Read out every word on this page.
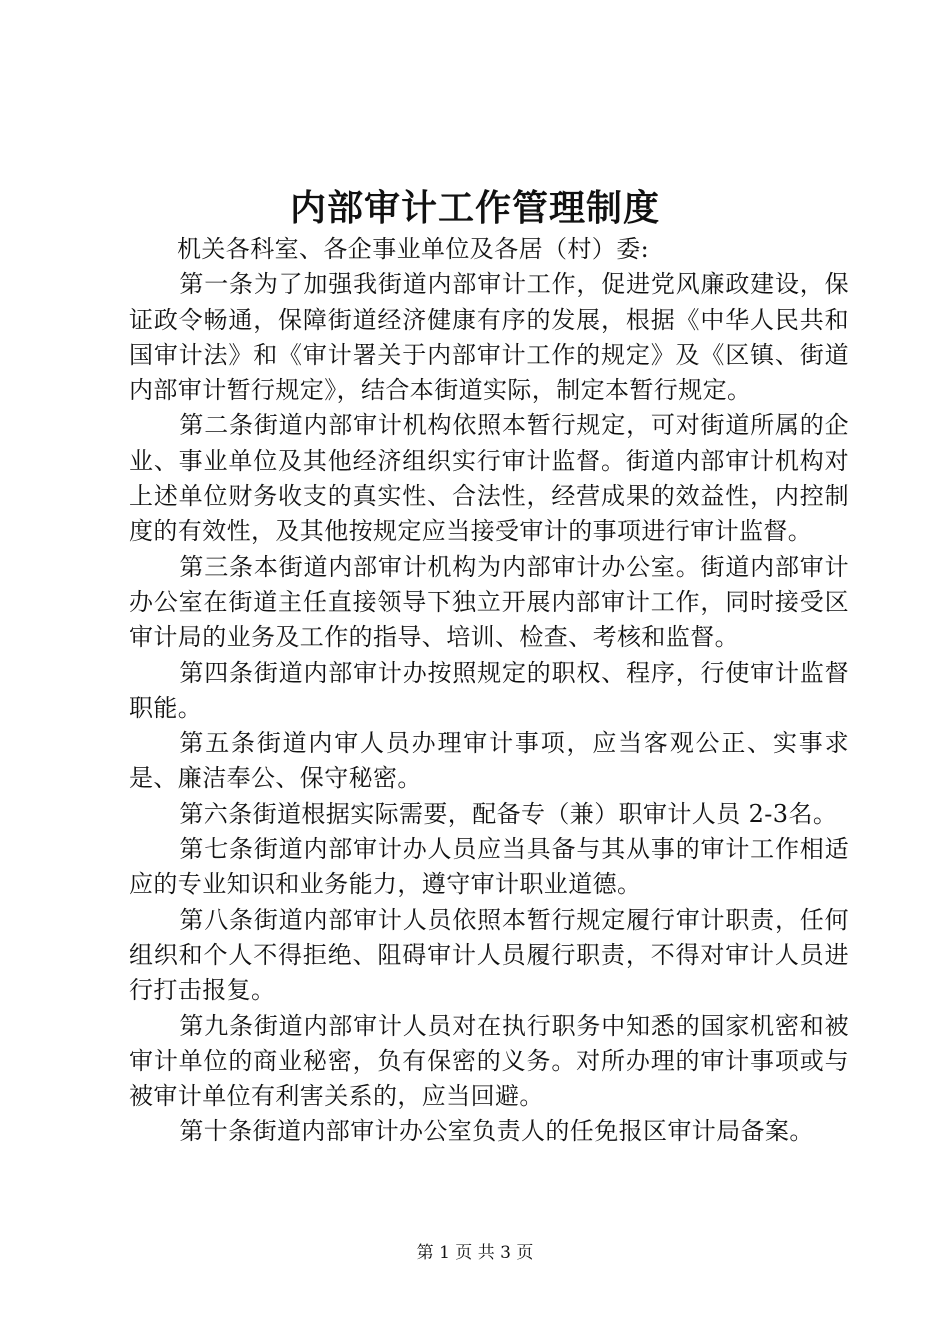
内部审计工作管理制度

机关各科室、各企事业单位及各居（村）委:

第一条为了加强我街道内部审计工作，促进党风廉政建设，保证政令畅通，保障街道经济健康有序的发展，根据《中华人民共和国审计法》和《审计署关于内部审计工作的规定》及《区镇、街道内部审计暂行规定》，结合本街道实际，制定本暂行规定。

第二条街道内部审计机构依照本暂行规定，可对街道所属的企业、事业单位及其他经济组织实行审计监督。街道内部审计机构对上述单位财务收支的真实性、合法性，经营成果的效益性，内控制度的有效性，及其他按规定应当接受审计的事项进行审计监督。

第三条本街道内部审计机构为内部审计办公室。街道内部审计办公室在街道主任直接领导下独立开展内部审计工作，同时接受区审计局的业务及工作的指导、培训、检查、考核和监督。

第四条街道内部审计办按照规定的职权、程序，行使审计监督职能。

第五条街道内审人员办理审计事项，应当客观公正、实事求是、廉洁奉公、保守秘密。

第六条街道根据实际需要，配备专（兼）职审计人员 2-3名。

第七条街道内部审计办人员应当具备与其从事的审计工作相适应的专业知识和业务能力，遵守审计职业道德。

第八条街道内部审计人员依照本暂行规定履行审计职责，任何组织和个人不得拒绝、阻碍审计人员履行职责，不得对审计人员进行打击报复。

第九条街道内部审计人员对在执行职务中知悉的国家机密和被审计单位的商业秘密，负有保密的义务。对所办理的审计事项或与被审计单位有利害关系的，应当回避。

第十条街道内部审计办公室负责人的任免报区审计局备案。

第 1 页 共 3 页
